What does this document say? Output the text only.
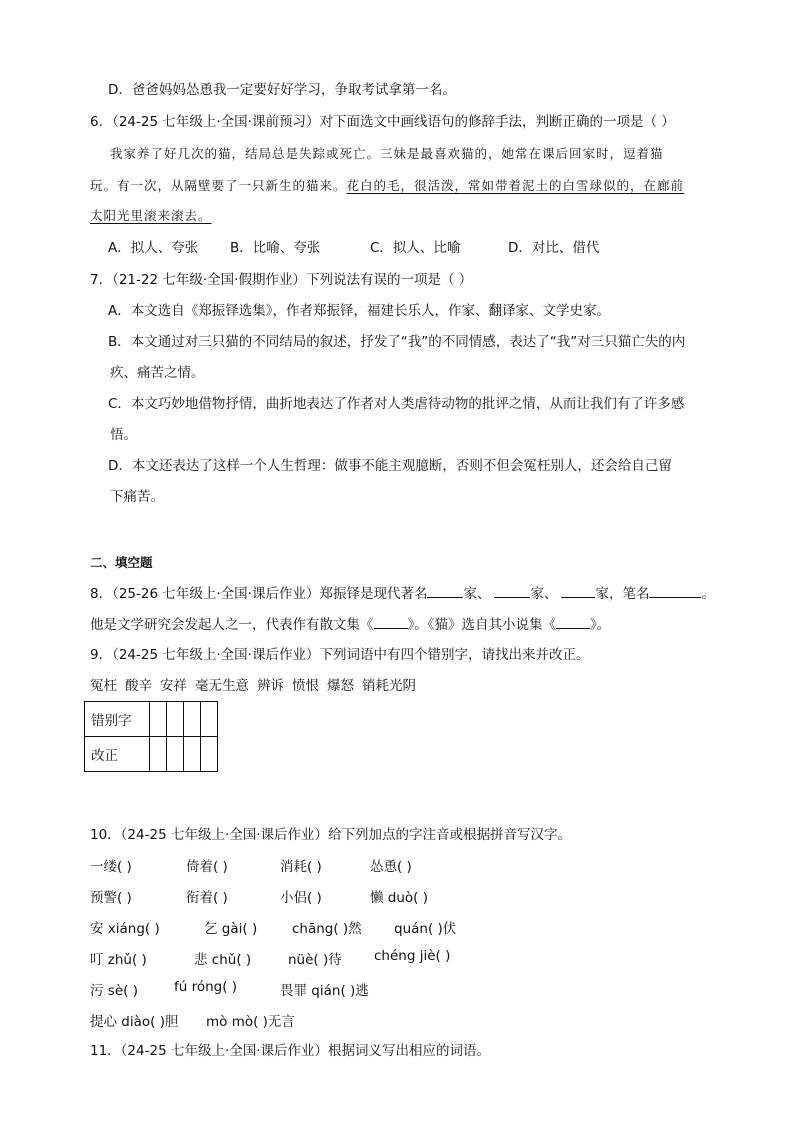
D．爸爸妈妈怂恿我一定要好好学习，争取考试拿第一名。
6．（24-25 七年级上·全国·课前预习）对下面选文中画线语句的修辞手法，判断正确的一项是（ ）
我家养了好几次的猫，结局总是失踪或死亡。三妹是最喜欢猫的，她常在课后回家时，逗着猫
玩。有一次，从隔壁要了一只新生的猫来。花白的毛，很活泼，常如带着泥土的白雪球似的，在廊前
太阳光里滚来滚去。
A．拟人、夸张 B．比喻、夸张	C．拟人、比喻	D．对比、借代
7．（21-22 七年级·全国·假期作业）下列说法有误的一项是（ ）
A．本文选自《郑振铎选集》，作者郑振铎，福建长乐人，作家、翻译家、文学史家。
B．本文通过对三只猫的不同结局的叙述，抒发了“我”的不同情感，表达了“我”对三只猫亡失的内
疚、痛苦之情。
C．本文巧妙地借物抒情，曲折地表达了作者对人类虐待动物的批评之情，从而让我们有了许多感
悟。
D．本文还表达了这样一个人生哲理：做事不能主观臆断，否则不但会冤枉别人，还会给自己留
下痛苦。
二、填空题
8．（25-26 七年级上·全国·课后作业）郑振铎是现代著名	家、	家、	家，笔名	。
他是文学研究会发起人之一，代表作有散文集《	》。《猫》选自其小说集《	》。
9．（24-25 七年级上·全国·课后作业）下列词语中有四个错别字，请找出来并改正。
冤枉 酸辛 安祥 毫无生意 辨诉 愤恨 爆怒 销耗光阴
错别字				
改正				
10．（24-25 七年级上·全国·课后作业）给下列加点的字注音或根据拼音写汉字。
一缕( )	倚着( )	消耗( )	怂恿( )
预警( )	衔着( )	小侣( )	懒 duò( )
安 xiáng( )	乞 gài( )	chāng( )然 quán( )伏
叮 zhǔ( )	悲 chǔ( )	nüè( )待 chéng jiè( )
污 sè( )	fú róng( )	畏罪 qián( )逃
提心 diào( )胆 mò mò( )无言
11．（24-25 七年级上·全国·课后作业）根据词义写出相应的词语。
